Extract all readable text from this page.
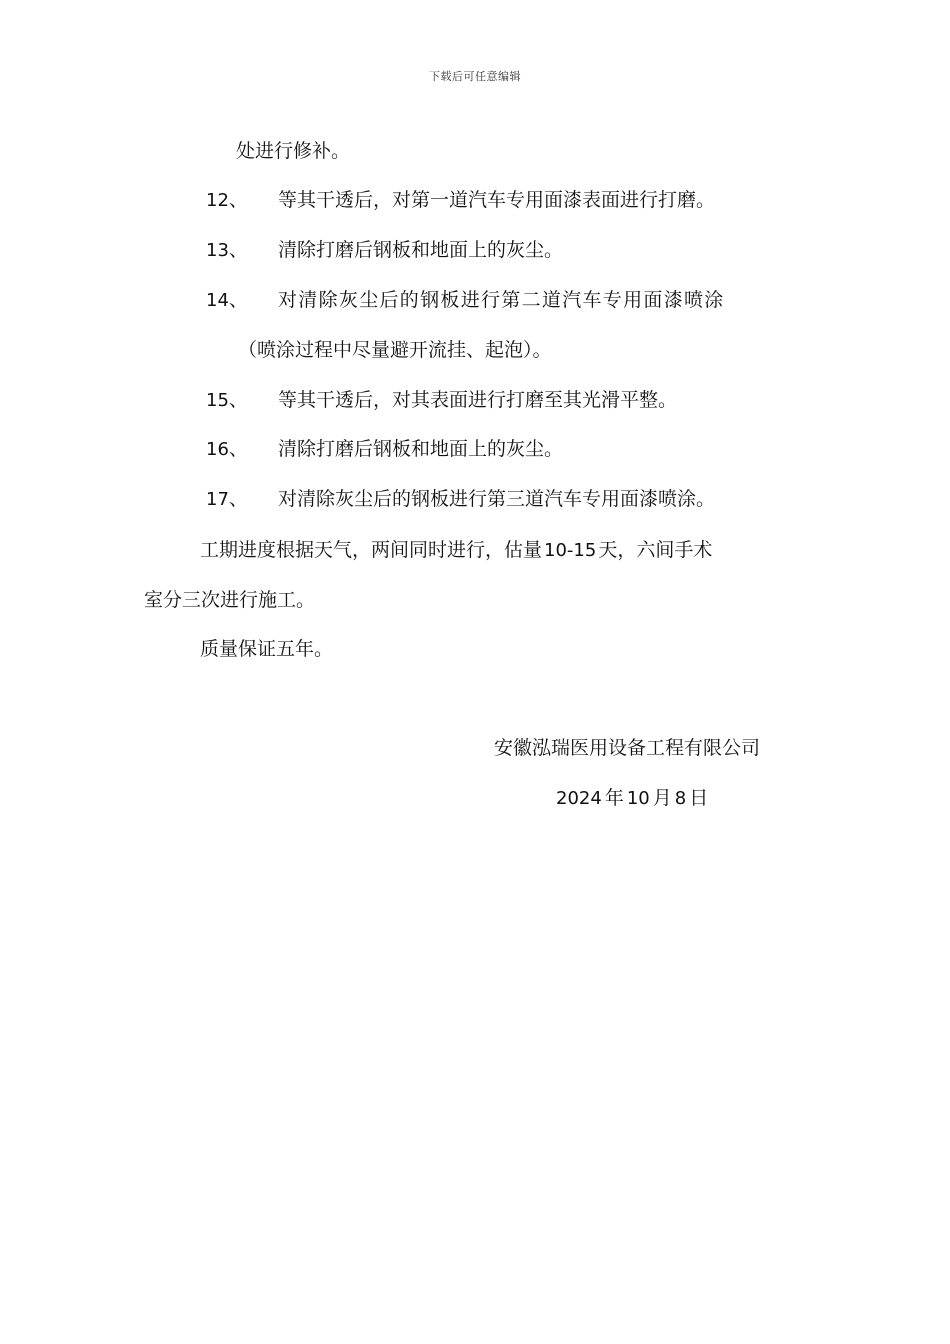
下载后可任意编辑
处进行修补。
12、 等其干透后，对第一道汽车专用面漆表面进行打磨。
13、 清除打磨后钢板和地面上的灰尘。
14、 对清除灰尘后的钢板进行第二道汽车专用面漆喷涂
（喷涂过程中尽量避开流挂、起泡）。
15、 等其干透后，对其表面进行打磨至其光滑平整。
16、 清除打磨后钢板和地面上的灰尘。
17、 对清除灰尘后的钢板进行第三道汽车专用面漆喷涂。
工期进度根据天气，两间同时进行，估量 10-15 天，六间手术
室分三次进行施工。
质量保证五年。
安徽泓瑞医用设备工程有限公司
2024 年 10 月 8 日
